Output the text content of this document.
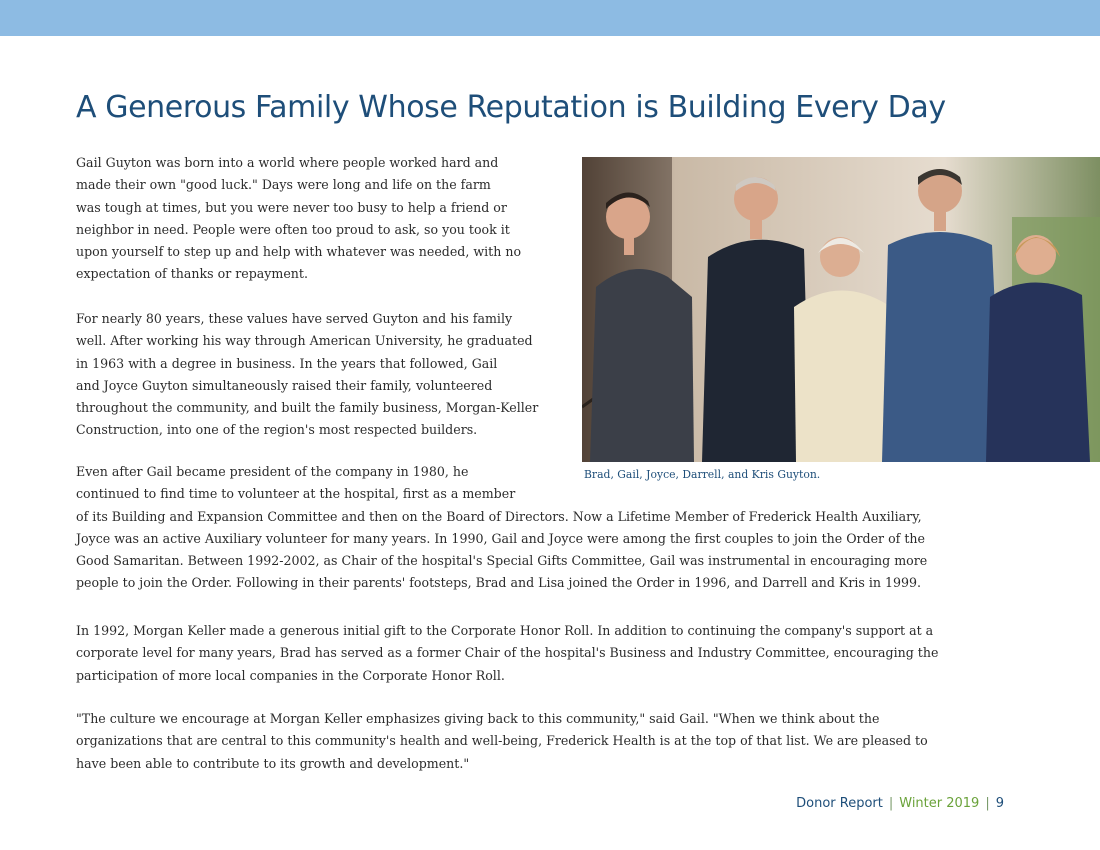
A Generous Family Whose Reputation is Building Every Day

Gail Guyton was born into a world where people worked hard and
made their own "good luck." Days were long and life on the farm
was tough at times, but you were never too busy to help a friend or
neighbor in need. People were often too proud to ask, so you took it
upon yourself to step up and help with whatever was needed, with no
expectation of thanks or repayment.

For nearly 80 years, these values have served Guyton and his family
well. After working his way through American University, he graduated
in 1963 with a degree in business. In the years that followed, Gail
and Joyce Guyton simultaneously raised their family, volunteered
throughout the community, and built the family business, Morgan-Keller
Construction, into one of the region's most respected builders.

Even after Gail became president of the company in 1980, he
continued to find time to volunteer at the hospital, first as a member
of its Building and Expansion Committee and then on the Board of Directors. Now a Lifetime Member of Frederick Health Auxiliary,
Joyce was an active Auxiliary volunteer for many years. In 1990, Gail and Joyce were among the first couples to join the Order of the
Good Samaritan. Between 1992-2002, as Chair of the hospital's Special Gifts Committee, Gail was instrumental in encouraging more
people to join the Order. Following in their parents' footsteps, Brad and Lisa joined the Order in 1996, and Darrell and Kris in 1999.

In 1992, Morgan Keller made a generous initial gift to the Corporate Honor Roll. In addition to continuing the company's support at a
corporate level for many years, Brad has served as a former Chair of the hospital's Business and Industry Committee, encouraging the
participation of more local companies in the Corporate Honor Roll.

"The culture we encourage at Morgan Keller emphasizes giving back to this community," said Gail. "When we think about the
organizations that are central to this community's health and well-being, Frederick Health is at the top of that list. We are pleased to
have been able to contribute to its growth and development."

Brad, Gail, Joyce, Darrell, and Kris Guyton.

Donor Report | Winter 2019 | 9
